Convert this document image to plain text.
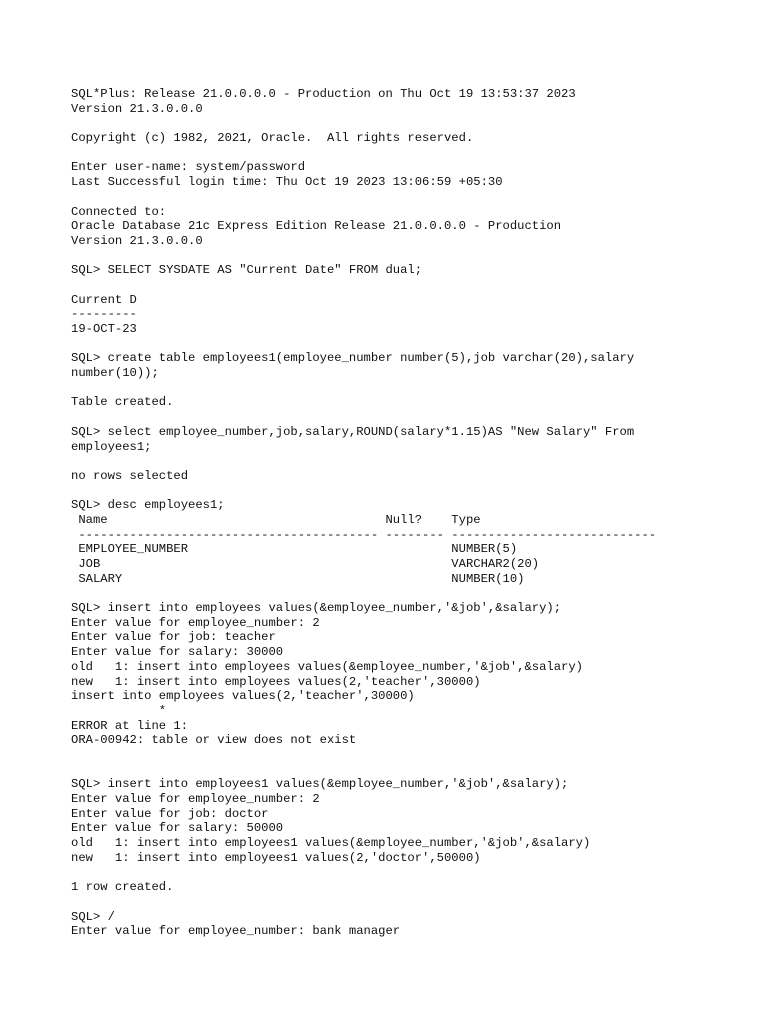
SQL*Plus: Release 21.0.0.0.0 - Production on Thu Oct 19 13:53:37 2023
Version 21.3.0.0.0
Copyright (c) 1982, 2021, Oracle.  All rights reserved.
Enter user-name: system/password
Last Successful login time: Thu Oct 19 2023 13:06:59 +05:30
Connected to:
Oracle Database 21c Express Edition Release 21.0.0.0.0 - Production
Version 21.3.0.0.0
SQL> SELECT SYSDATE AS "Current Date" FROM dual;
Current D
---------
19-OCT-23
SQL> create table employees1(employee_number number(5),job varchar(20),salary
number(10));
Table created.
SQL> select employee_number,job,salary,ROUND(salary*1.15)AS "New Salary" From
employees1;
no rows selected
SQL> desc employees1;
Name                                      Null?    Type
----------------------------------------- -------- ----------------------------
EMPLOYEE_NUMBER                                    NUMBER(5)
JOB                                                VARCHAR2(20)
SALARY                                             NUMBER(10)
SQL> insert into employees values(&employee_number,'&job',&salary);
Enter value for employee_number: 2
Enter value for job: teacher
Enter value for salary: 30000
old   1: insert into employees values(&employee_number,'&job',&salary)
new   1: insert into employees values(2,'teacher',30000)
insert into employees values(2,'teacher',30000)
*
ERROR at line 1:
ORA-00942: table or view does not exist
SQL> insert into employees1 values(&employee_number,'&job',&salary);
Enter value for employee_number: 2
Enter value for job: doctor
Enter value for salary: 50000
old   1: insert into employees1 values(&employee_number,'&job',&salary)
new   1: insert into employees1 values(2,'doctor',50000)
1 row created.
SQL> /
Enter value for employee_number: bank manager
